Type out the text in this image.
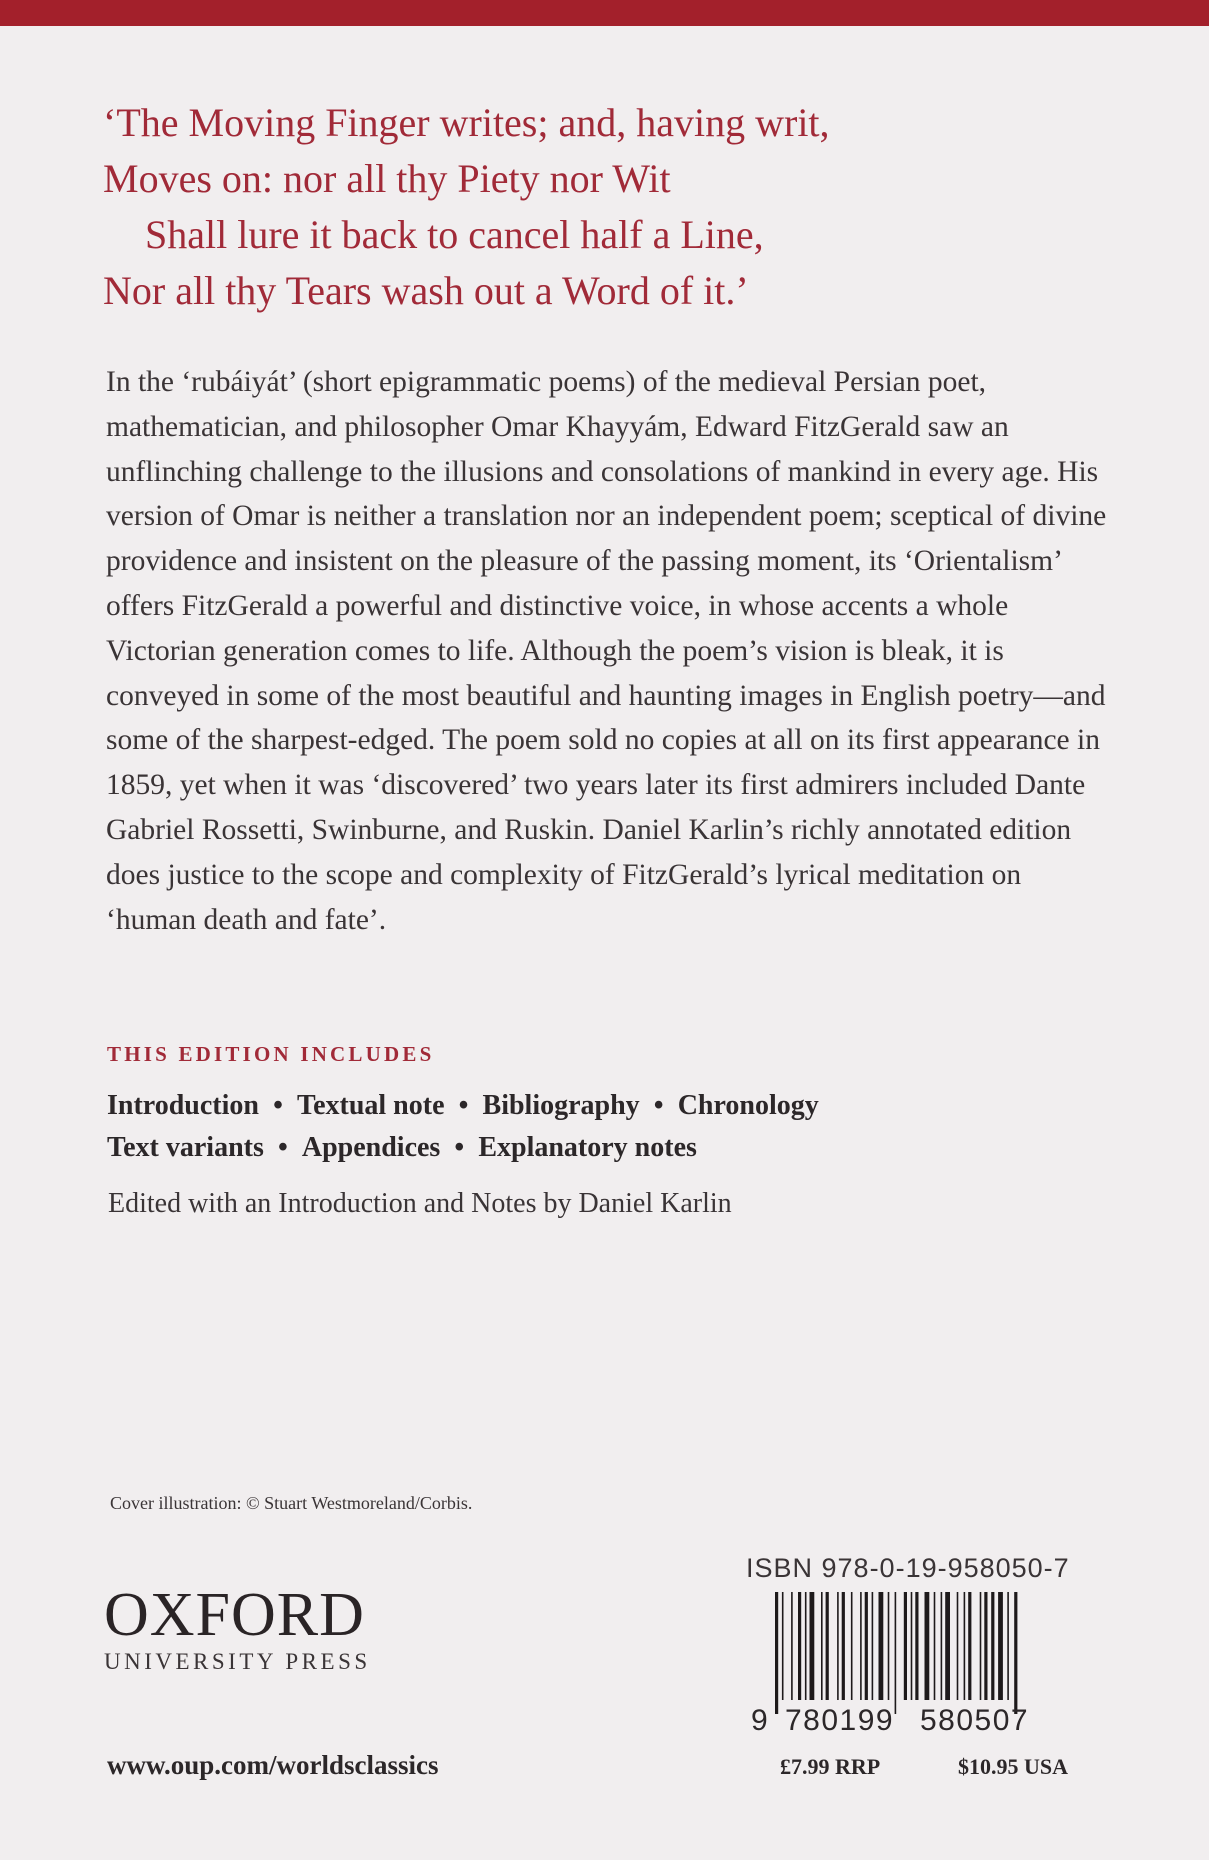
‘The Moving Finger writes; and, having writ,
Moves on: nor all thy Piety nor Wit
Shall lure it back to cancel half a Line,
Nor all thy Tears wash out a Word of it.’

In the ‘rubáiyát’ (short epigrammatic poems) of the medieval Persian poet, mathematician, and philosopher Omar Khayyám, Edward FitzGerald saw an unflinching challenge to the illusions and consolations of mankind in every age. His version of Omar is neither a translation nor an independent poem; sceptical of divine providence and insistent on the pleasure of the passing moment, its ‘Orientalism’ offers FitzGerald a powerful and distinctive voice, in whose accents a whole Victorian generation comes to life. Although the poem’s vision is bleak, it is conveyed in some of the most beautiful and haunting images in English poetry—and some of the sharpest-edged. The poem sold no copies at all on its first appearance in 1859, yet when it was ‘discovered’ two years later its first admirers included Dante Gabriel Rossetti, Swinburne, and Ruskin. Daniel Karlin’s richly annotated edition does justice to the scope and complexity of FitzGerald’s lyrical meditation on ‘human death and fate’.

THIS EDITION INCLUDES
Introduction • Textual note • Bibliography • Chronology
Text variants • Appendices • Explanatory notes
Edited with an Introduction and Notes by Daniel Karlin
Cover illustration: © Stuart Westmoreland/Corbis.
OXFORD
UNIVERSITY PRESS
www.oup.com/worldsclassics
ISBN 978-0-19-958050-7
9 780199 580507
£7.99 RRP	$10.95 USA
